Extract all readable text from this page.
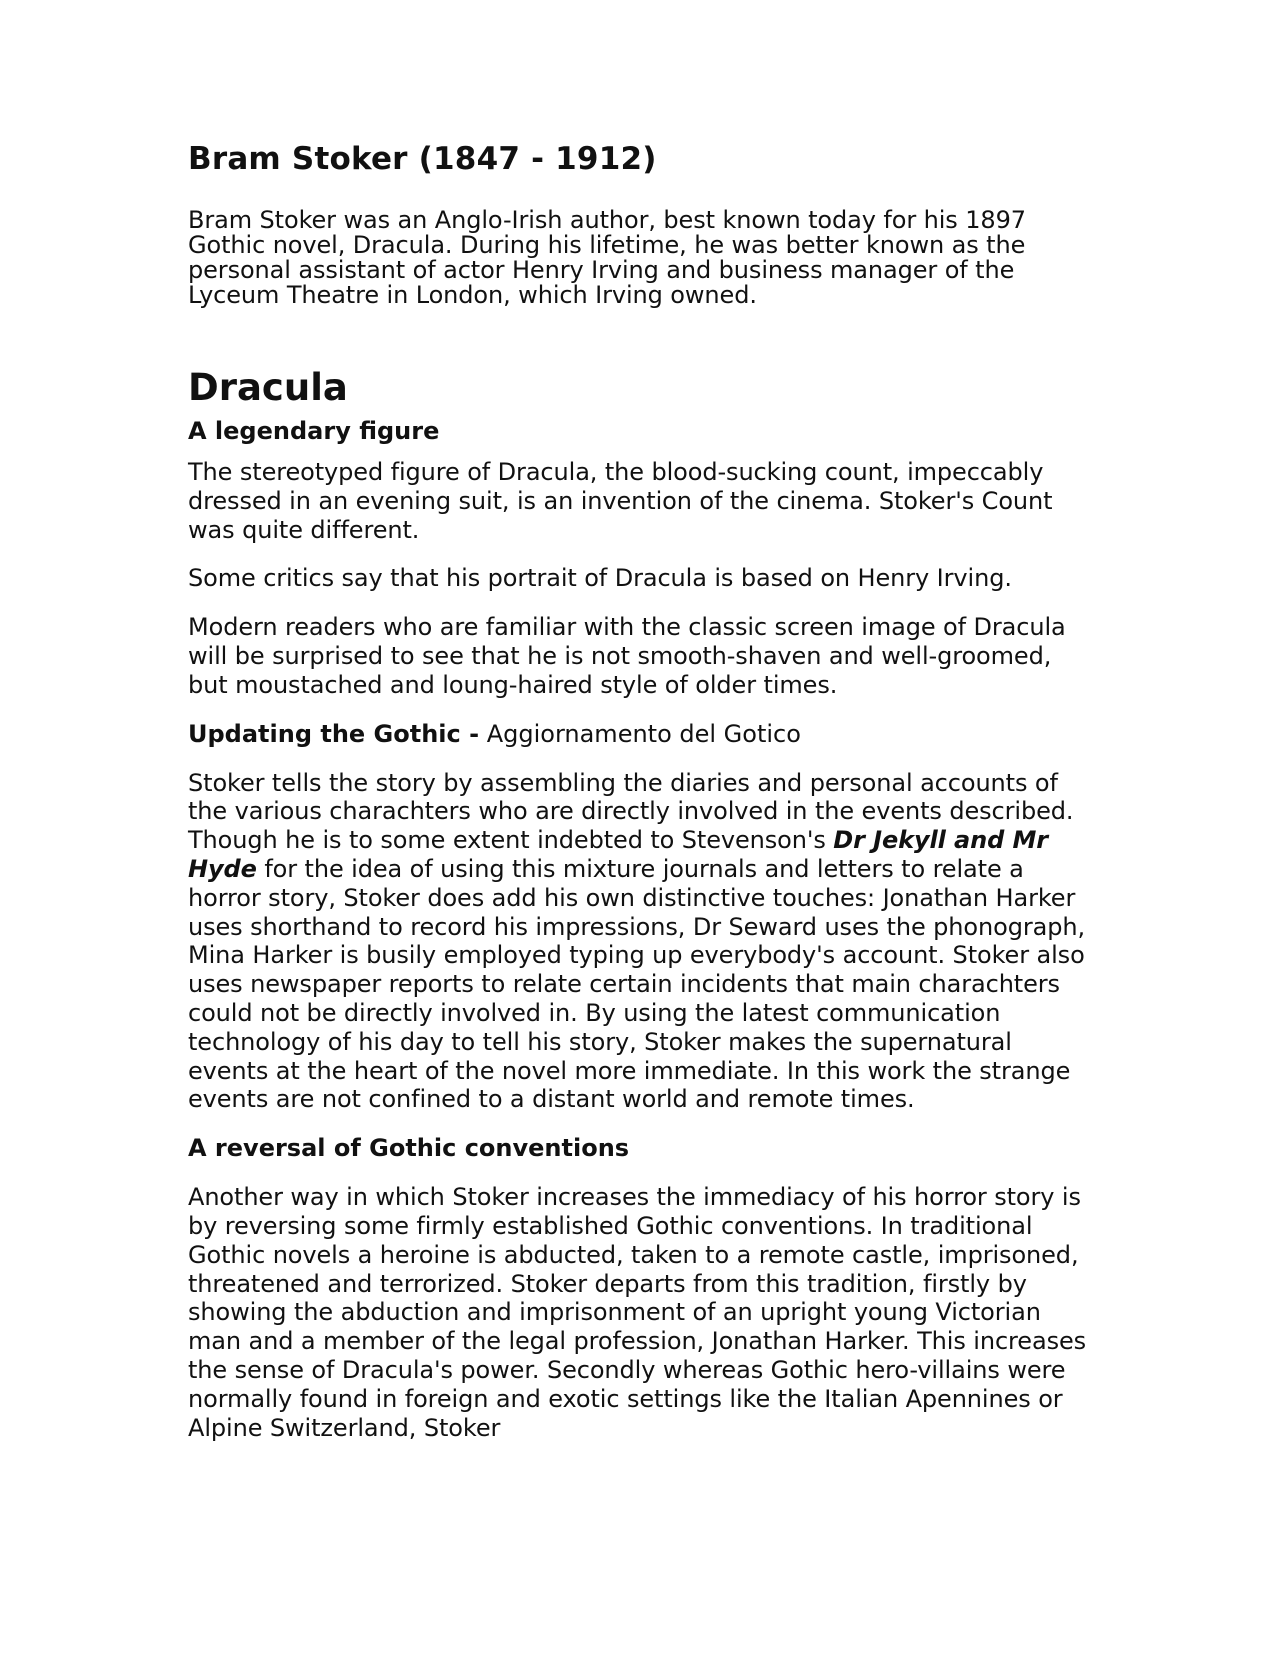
Bram Stoker (1847 - 1912)

Bram Stoker was an Anglo-Irish author, best known today for his 1897 Gothic novel, Dracula. During his lifetime, he was better known as the personal assistant of actor Henry Irving and business manager of the Lyceum Theatre in London, which Irving owned.

Dracula
A legendary figure

The stereotyped figure of Dracula, the blood-sucking count, impeccably dressed in an evening suit, is an invention of the cinema. Stoker's Count was quite different.

Some critics say that his portrait of Dracula is based on Henry Irving.

Modern readers who are familiar with the classic screen image of Dracula will be surprised to see that he is not smooth-shaven and well-groomed, but moustached and loung-haired style of older times.

Updating the Gothic - Aggiornamento del Gotico

Stoker tells the story by assembling the diaries and personal accounts of the various charachters who are directly involved in the events described. Though he is to some extent indebted to Stevenson's Dr Jekyll and Mr Hyde for the idea of using this mixture journals and letters to relate a horror story, Stoker does add his own distinctive touches: Jonathan Harker uses shorthand to record his impressions, Dr Seward uses the phonograph, Mina Harker is busily employed typing up everybody's account. Stoker also uses newspaper reports to relate certain incidents that main charachters could not be directly involved in. By using the latest communication technology of his day to tell his story, Stoker makes the supernatural events at the heart of the novel more immediate. In this work the strange events are not confined to a distant world and remote times.

A reversal of Gothic conventions

Another way in which Stoker increases the immediacy of his horror story is by reversing some firmly established Gothic conventions. In traditional Gothic novels a heroine is abducted, taken to a remote castle, imprisoned, threatened and terrorized. Stoker departs from this tradition, firstly by showing the abduction and imprisonment of an upright young Victorian man and a member of the legal profession, Jonathan Harker. This increases the sense of Dracula's power. Secondly whereas Gothic hero-villains were normally found in foreign and exotic settings like the Italian Apennines or Alpine Switzerland, Stoker
